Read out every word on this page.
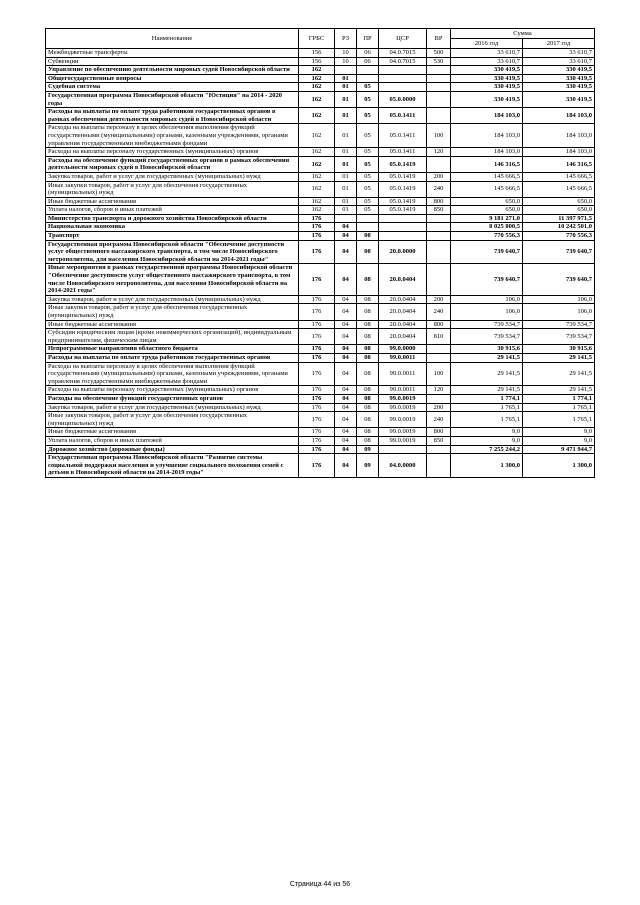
Наименование	ГРБС	РЗ	ПР	ЦСР	ВР	Сумма	
						2016 год	2017 год
Межбюджетные трансферты	156	10	06	04.0.7015	500	33 610,7	33 610,7
Субвенции	156	10	06	04.0.7015	530	33 610,7	33 610,7
Управление по обеспечению деятельности мировых судей Новосибирской области	162					330 419,5	330 419,5
Общегосударственные вопросы	162	01				330 419,5	330 419,5
Судебная система	162	01	05			330 419,5	330 419,5
Государственная программа Новосибирской области "Юстиция" на 2014 - 2020 годы	162	01	05	05.0.0000		330 419,5	330 419,5
Расходы на выплаты по оплате труда работников государственных органов в рамках обеспечения деятельности мировых судей в Новосибирской области	162	01	05	05.0.1411		184 103,0	184 103,0
Расходы на выплаты персоналу в целях обеспечения выполнения функций государственными (муниципальными) органами, казенными учреждениями, органами управления государственными внебюджетными фондами	162	01	05	05.0.1411	100	184 103,0	184 103,0
Расходы на выплаты персоналу государственных (муниципальных) органов	162	01	05	05.0.1411	120	184 103,0	184 103,0
Расходы на обеспечение функций государственных органов в рамках обеспечения деятельности мировых судей в Новосибирской области	162	01	05	05.0.1419		146 316,5	146 316,5
Закупка товаров, работ и услуг для государственных (муниципальных) нужд	162	01	05	05.0.1419	200	145 666,5	145 666,5
Иные закупки товаров, работ и услуг для обеспечения государственных (муниципальных) нужд	162	01	05	05.0.1419	240	145 666,5	145 666,5
Иные бюджетные ассигнования	162	01	05	05.0.1419	800	650,0	650,0
Уплата налогов, сборов и иных платежей	162	01	05	05.0.1419	850	650,0	650,0
Министерство транспорта и дорожного хозяйства Новосибирской области	176					9 181 271,0	11 397 971,5
Национальная экономика	176	04				8 025 800,5	10 242 501,0
Транспорт	176	04	08			770 556,3	770 556,3
Государственная программа Новосибирской области "Обеспечение доступности услуг общественного пассажирского транспорта, в том числе Новосибирского метрополитена, для населения Новосибирской области на 2014-2021 годы"	176	04	08	20.0.0000		739 640,7	739 640,7
Иные мероприятия в рамках государственной программы Новосибирской области "Обеспечение доступности услуг общественного пассажирского транспорта, в том числе Новосибирского метрополитена, для населения Новосибирской области на 2014-2021 годы"	176	04	08	20.0.0404		739 640,7	739 640,7
Закупка товаров, работ и услуг для государственных (муниципальных) нужд	176	04	08	20.0.0404	200	106,0	106,0
Иные закупки товаров, работ и услуг для обеспечения государственных (муниципальных) нужд	176	04	08	20.0.0404	240	106,0	106,0
Иные бюджетные ассигнования	176	04	08	20.0.0404	800	739 534,7	739 534,7
Субсидии юридическим лицам (кроме некоммерческих организаций), индивидуальным предпринимателям, физическим лицам	176	04	08	20.0.0404	810	739 534,7	739 534,7
Непрограммные направления областного бюджета	176	04	08	99.0.0000		30 915,6	30 915,6
Расходы на выплаты по оплате труда работников государственных органов	176	04	08	99.0.0011		29 141,5	29 141,5
Расходы на выплаты персоналу в целях обеспечения выполнения функций государственными (муниципальными) органами, казенными учреждениями, органами управления государственными внебюджетными фондами	176	04	08	99.0.0011	100	29 141,5	29 141,5
Расходы на выплаты персоналу государственных (муниципальных) органов	176	04	08	99.0.0011	120	29 141,5	29 141,5
Расходы на обеспечение функций государственных органов	176	04	08	99.0.0019		1 774,1	1 774,1
Закупка товаров, работ и услуг для государственных (муниципальных) нужд	176	04	08	99.0.0019	200	1 765,1	1 765,1
Иные закупки товаров, работ и услуг для обеспечения государственных (муниципальных) нужд	176	04	08	99.0.0019	240	1 765,1	1 765,1
Иные бюджетные ассигнования	176	04	08	99.0.0019	800	9,0	9,0
Уплата налогов, сборов и иных платежей	176	04	08	99.0.0019	850	9,0	9,0
Дорожное хозяйство (дорожные фонды)	176	04	09			7 255 244,2	9 471 944,7
Государственная программа Новосибирской области "Развитие системы социальной поддержки населения и улучшение социального положения семей с детьми в Новосибирской области на 2014-2019 годы"	176	04	09	04.0.0000		1 300,0	1 300,0
Страница 44 из 56
